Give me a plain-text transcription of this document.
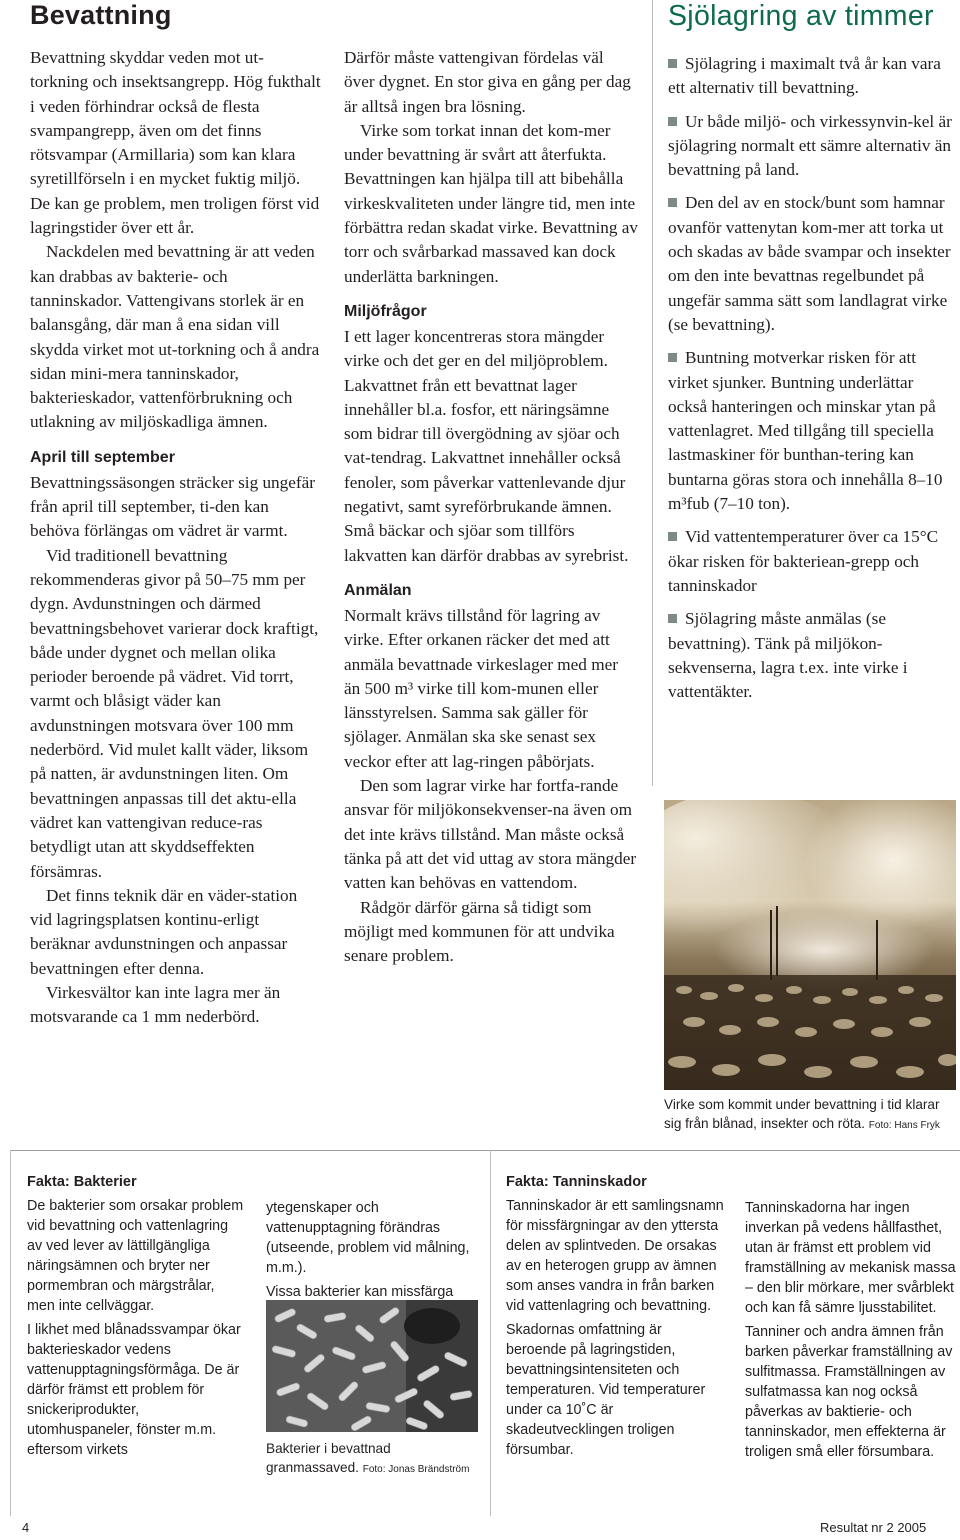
Bevattning

Bevattning skyddar veden mot ut-torkning och insektsangrepp. Hög fukthalt i veden förhindrar också de flesta svampangrepp, även om det finns rötsvampar (Armillaria) som kan klara syretillförseln i en mycket fuktig miljö. De kan ge problem, men troligen först vid lagringstider över ett år.

Nackdelen med bevattning är att veden kan drabbas av bakterie- och tanninskador. Vattengivans storlek är en balansgång, där man å ena sidan vill skydda virket mot ut-torkning och å andra sidan mini-mera tanninskador, bakterieskador, vattenförbrukning och utlakning av miljöskadliga ämnen.

April till september

Bevattningssäsongen sträcker sig ungefär från april till september, ti-den kan behöva förlängas om vädret är varmt.

Vid traditionell bevattning rekommenderas givor på 50–75 mm per dygn. Avdunstningen och därmed bevattningsbehovet varierar dock kraftigt, både under dygnet och mellan olika perioder beroende på vädret. Vid torrt, varmt och blåsigt väder kan avdunstningen motsvara över 100 mm nederbörd. Vid mulet kallt väder, liksom på natten, är avdunstningen liten. Om bevattningen anpassas till det aktu-ella vädret kan vattengivan reduce-ras betydligt utan att skyddseffekten försämras.

Det finns teknik där en väder-station vid lagringsplatsen kontinu-erligt beräknar avdunstningen och anpassar bevattningen efter denna.

Virkesvältor kan inte lagra mer än motsvarande ca 1 mm nederbörd.

Därför måste vattengivan fördelas väl över dygnet. En stor giva en gång per dag är alltså ingen bra lösning.

Virke som torkat innan det kom-mer under bevattning är svårt att återfukta. Bevattningen kan hjälpa till att bibehålla virkeskvaliteten under längre tid, men inte förbättra redan skadat virke. Bevattning av torr och svårbarkad massaved kan dock underlätta barkningen.

Miljöfrågor

I ett lager koncentreras stora mängder virke och det ger en del miljöproblem. Lakvattnet från ett bevattnat lager innehåller bl.a. fosfor, ett näringsämne som bidrar till övergödning av sjöar och vat-tendrag. Lakvattnet innehåller också fenoler, som påverkar vattenlevande djur negativt, samt syreförbrukande ämnen. Små bäckar och sjöar som tillförs lakvatten kan därför drabbas av syrebrist.

Anmälan

Normalt krävs tillstånd för lagring av virke. Efter orkanen räcker det med att anmäla bevattnade virkeslager med mer än 500 m³ virke till kom-munen eller länsstyrelsen. Samma sak gäller för sjölager. Anmälan ska ske senast sex veckor efter att lag-ringen påbörjats.

Den som lagrar virke har fortfa-rande ansvar för miljökonsekvenser-na även om det inte krävs tillstånd. Man måste också tänka på att det vid uttag av stora mängder vatten kan behövas en vattendom.

Rådgör därför gärna så tidigt som möjligt med kommunen för att undvika senare problem.

Sjölagring av timmer

Sjölagring i maximalt två år kan vara ett alternativ till bevattning.

Ur både miljö- och virkessynvin-kel är sjölagring normalt ett sämre alternativ än bevattning på land.

Den del av en stock/bunt som hamnar ovanför vattenytan kom-mer att torka ut och skadas av både svampar och insekter om den inte bevattnas regelbundet på ungefär samma sätt som landlagrat virke (se bevattning).

Buntning motverkar risken för att virket sjunker. Buntning underlättar också hanteringen och minskar ytan på vattenlagret. Med tillgång till speciella lastmaskiner för bunthan-tering kan buntarna göras stora och innehålla 8–10 m³fub (7–10 ton).

Vid vattentemperaturer över ca 15°C ökar risken för bakteriean-grepp och tanninskador

Sjölagring måste anmälas (se bevattning). Tänk på miljökon-sekvenserna, lagra t.ex. inte virke i vattentäkter.

Virke som kommit under bevattning i tid klarar sig från blånad, insekter och röta. Foto: Hans Fryk
Fakta: Bakterier

De bakterier som orsakar problem vid bevattning och vattenlagring av ved lever av lättillgängliga näringsämnen och bryter ner pormembran och märgstrålar, men inte cellväggar.

I likhet med blånadssvampar ökar bakterieskador vedens vattenupptagningsförmåga. De är därför främst ett problem för snickeriprodukter, utomhuspaneler, fönster m.m. eftersom virkets

ytegenskaper och vattenupptagning förändras (utseende, problem vid målning, m.m.).

Vissa bakterier kan missfärga

Bakterier i bevattnad granmassaved. Foto: Jonas Brändström
Fakta: Tanninskador

Tanninskador är ett samlingsnamn för missfärgningar av den yttersta delen av splintveden. De orsakas av en heterogen grupp av ämnen som anses vandra in från barken vid vattenlagring och bevattning.

Skadornas omfattning är beroende på lagringstiden, bevattningsintensiteten och temperaturen. Vid temperaturer under ca 10˚C är skadeutvecklingen troligen försumbar.

Tanninskadorna har ingen inverkan på vedens hållfasthet, utan är främst ett problem vid framställning av mekanisk massa – den blir mörkare, mer svårblekt och kan få sämre ljusstabilitet.

Tanniner och andra ämnen från barken påverkar framställning av sulfitmassa. Framställningen av sulfatmassa kan nog också påverkas av baktierie- och tanninskador, men effekterna är troligen små eller försumbara.

4	Resultat nr 2 2005
